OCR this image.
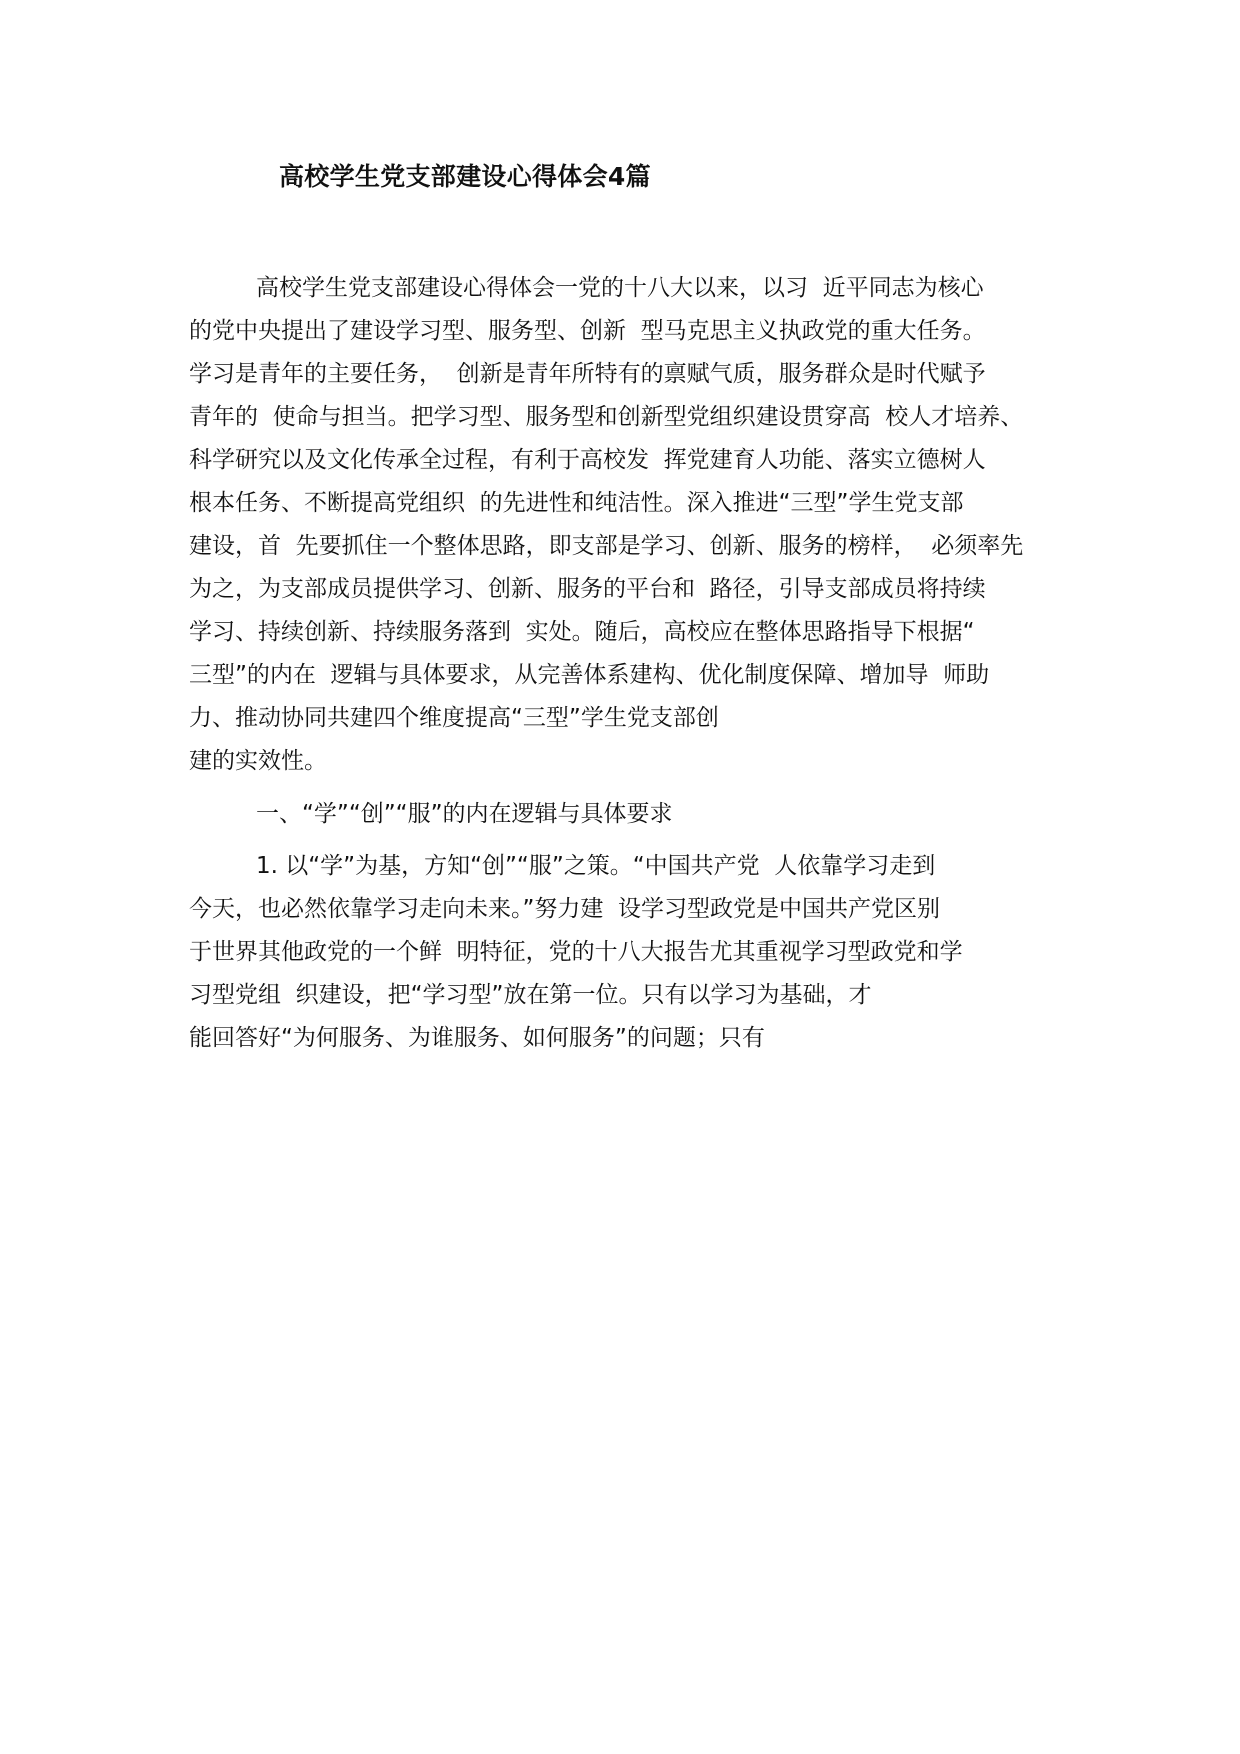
高校学生党支部建设心得体会4篇
高校学生党支部建设心得体会一党的十八大以来，以习  近平同志为核心
的党中央提出了建设学习型、服务型、创新  型马克思主义执政党的重大任务。
学习是青年的主要任务，  创新是青年所特有的禀赋气质，服务群众是时代赋予
青年的  使命与担当。把学习型、服务型和创新型党组织建设贯穿高  校人才培养、
科学研究以及文化传承全过程，有利于高校发  挥党建育人功能、落实立德树人
根本任务、不断提高党组织  的先进性和纯洁性。深入推进“三型”学生党支部
建设，首  先要抓住一个整体思路，即支部是学习、创新、服务的榜样，  必须率先
为之，为支部成员提供学习、创新、服务的平台和  路径，引导支部成员将持续
学习、持续创新、持续服务落到  实处。随后，高校应在整体思路指导下根据“
三型”的内在  逻辑与具体要求，从完善体系建构、优化制度保障、增加导  师助
力、推动协同共建四个维度提高“三型”学生党支部创
建的实效性。
一、“学”“创”“服”的内在逻辑与具体要求
1. 以“学”为基，方知“创”“服”之策。“中国共产党  人依靠学习走到
今天，也必然依靠学习走向未来。”努力建  设学习型政党是中国共产党区别
于世界其他政党的一个鲜  明特征，党的十八大报告尤其重视学习型政党和学
习型党组  织建设，把“学习型”放在第一位。只有以学习为基础，才
能回答好“为何服务、为谁服务、如何服务”的问题；只有
